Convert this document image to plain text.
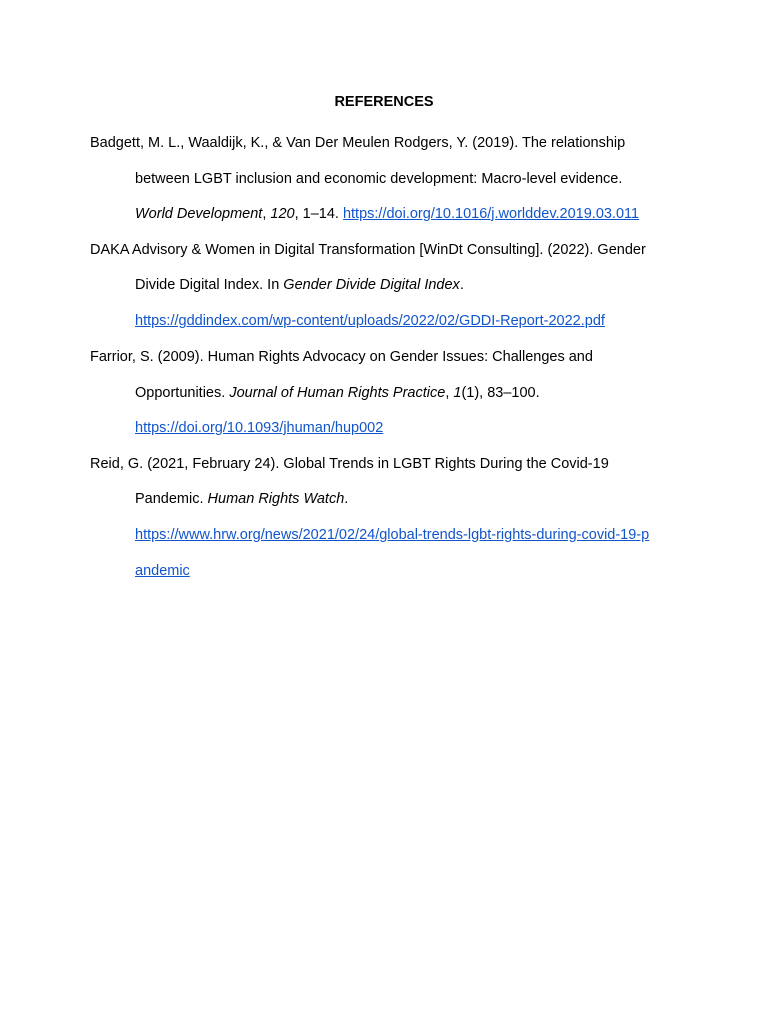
REFERENCES
Badgett, M. L., Waaldijk, K., & Van Der Meulen Rodgers, Y. (2019). The relationship
between LGBT inclusion and economic development: Macro-level evidence.
World Development, 120, 1–14. https://doi.org/10.1016/j.worlddev.2019.03.011
DAKA Advisory & Women in Digital Transformation [WinDt Consulting]. (2022). Gender
Divide Digital Index. In Gender Divide Digital Index.
https://gddindex.com/wp-content/uploads/2022/02/GDDI-Report-2022.pdf
Farrior, S. (2009). Human Rights Advocacy on Gender Issues: Challenges and
Opportunities. Journal of Human Rights Practice, 1(1), 83–100.
https://doi.org/10.1093/jhuman/hup002
Reid, G. (2021, February 24). Global Trends in LGBT Rights During the Covid-19
Pandemic. Human Rights Watch.
https://www.hrw.org/news/2021/02/24/global-trends-lgbt-rights-during-covid-19-p
andemic
